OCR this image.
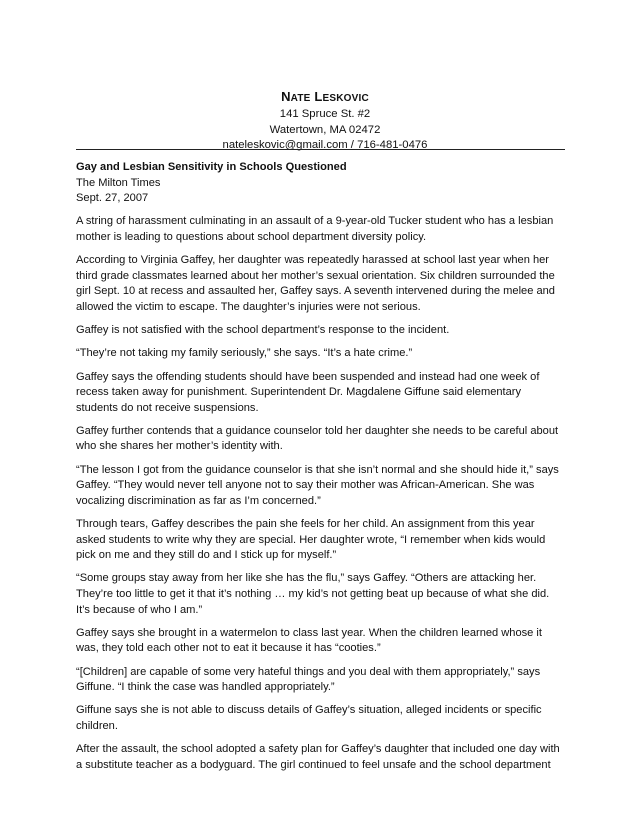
NATE LESKOVIC
141 Spruce St. #2
Watertown, MA 02472
nateleskovic@gmail.com / 716-481-0476

Gay and Lesbian Sensitivity in Schools Questioned
The Milton Times
Sept. 27, 2007

A string of harassment culminating in an assault of a 9-year-old Tucker student who has a lesbian mother is leading to questions about school department diversity policy.

According to Virginia Gaffey, her daughter was repeatedly harassed at school last year when her third grade classmates learned about her mother’s sexual orientation. Six children surrounded the girl Sept. 10 at recess and assaulted her, Gaffey says. A seventh intervened during the melee and allowed the victim to escape. The daughter’s injuries were not serious.

Gaffey is not satisfied with the school department’s response to the incident.

“They’re not taking my family seriously,” she says. “It’s a hate crime.”

Gaffey says the offending students should have been suspended and instead had one week of recess taken away for punishment. Superintendent Dr. Magdalene Giffune said elementary students do not receive suspensions.

Gaffey further contends that a guidance counselor told her daughter she needs to be careful about who she shares her mother’s identity with.

“The lesson I got from the guidance counselor is that she isn’t normal and she should hide it,” says Gaffey. “They would never tell anyone not to say their mother was African-American. She was vocalizing discrimination as far as I’m concerned.”

Through tears, Gaffey describes the pain she feels for her child. An assignment from this year asked students to write why they are special. Her daughter wrote, “I remember when kids would pick on me and they still do and I stick up for myself.”

“Some groups stay away from her like she has the flu,” says Gaffey. “Others are attacking her. They’re too little to get it that it’s nothing … my kid’s not getting beat up because of what she did. It’s because of who I am.”

Gaffey says she brought in a watermelon to class last year. When the children learned whose it was, they told each other not to eat it because it has “cooties.”

“[Children] are capable of some very hateful things and you deal with them appropriately,” says Giffune. “I think the case was handled appropriately.”

Giffune says she is not able to discuss details of Gaffey’s situation, alleged incidents or specific children.

After the assault, the school adopted a safety plan for Gaffey’s daughter that included one day with a substitute teacher as a bodyguard. The girl continued to feel unsafe and the school department
